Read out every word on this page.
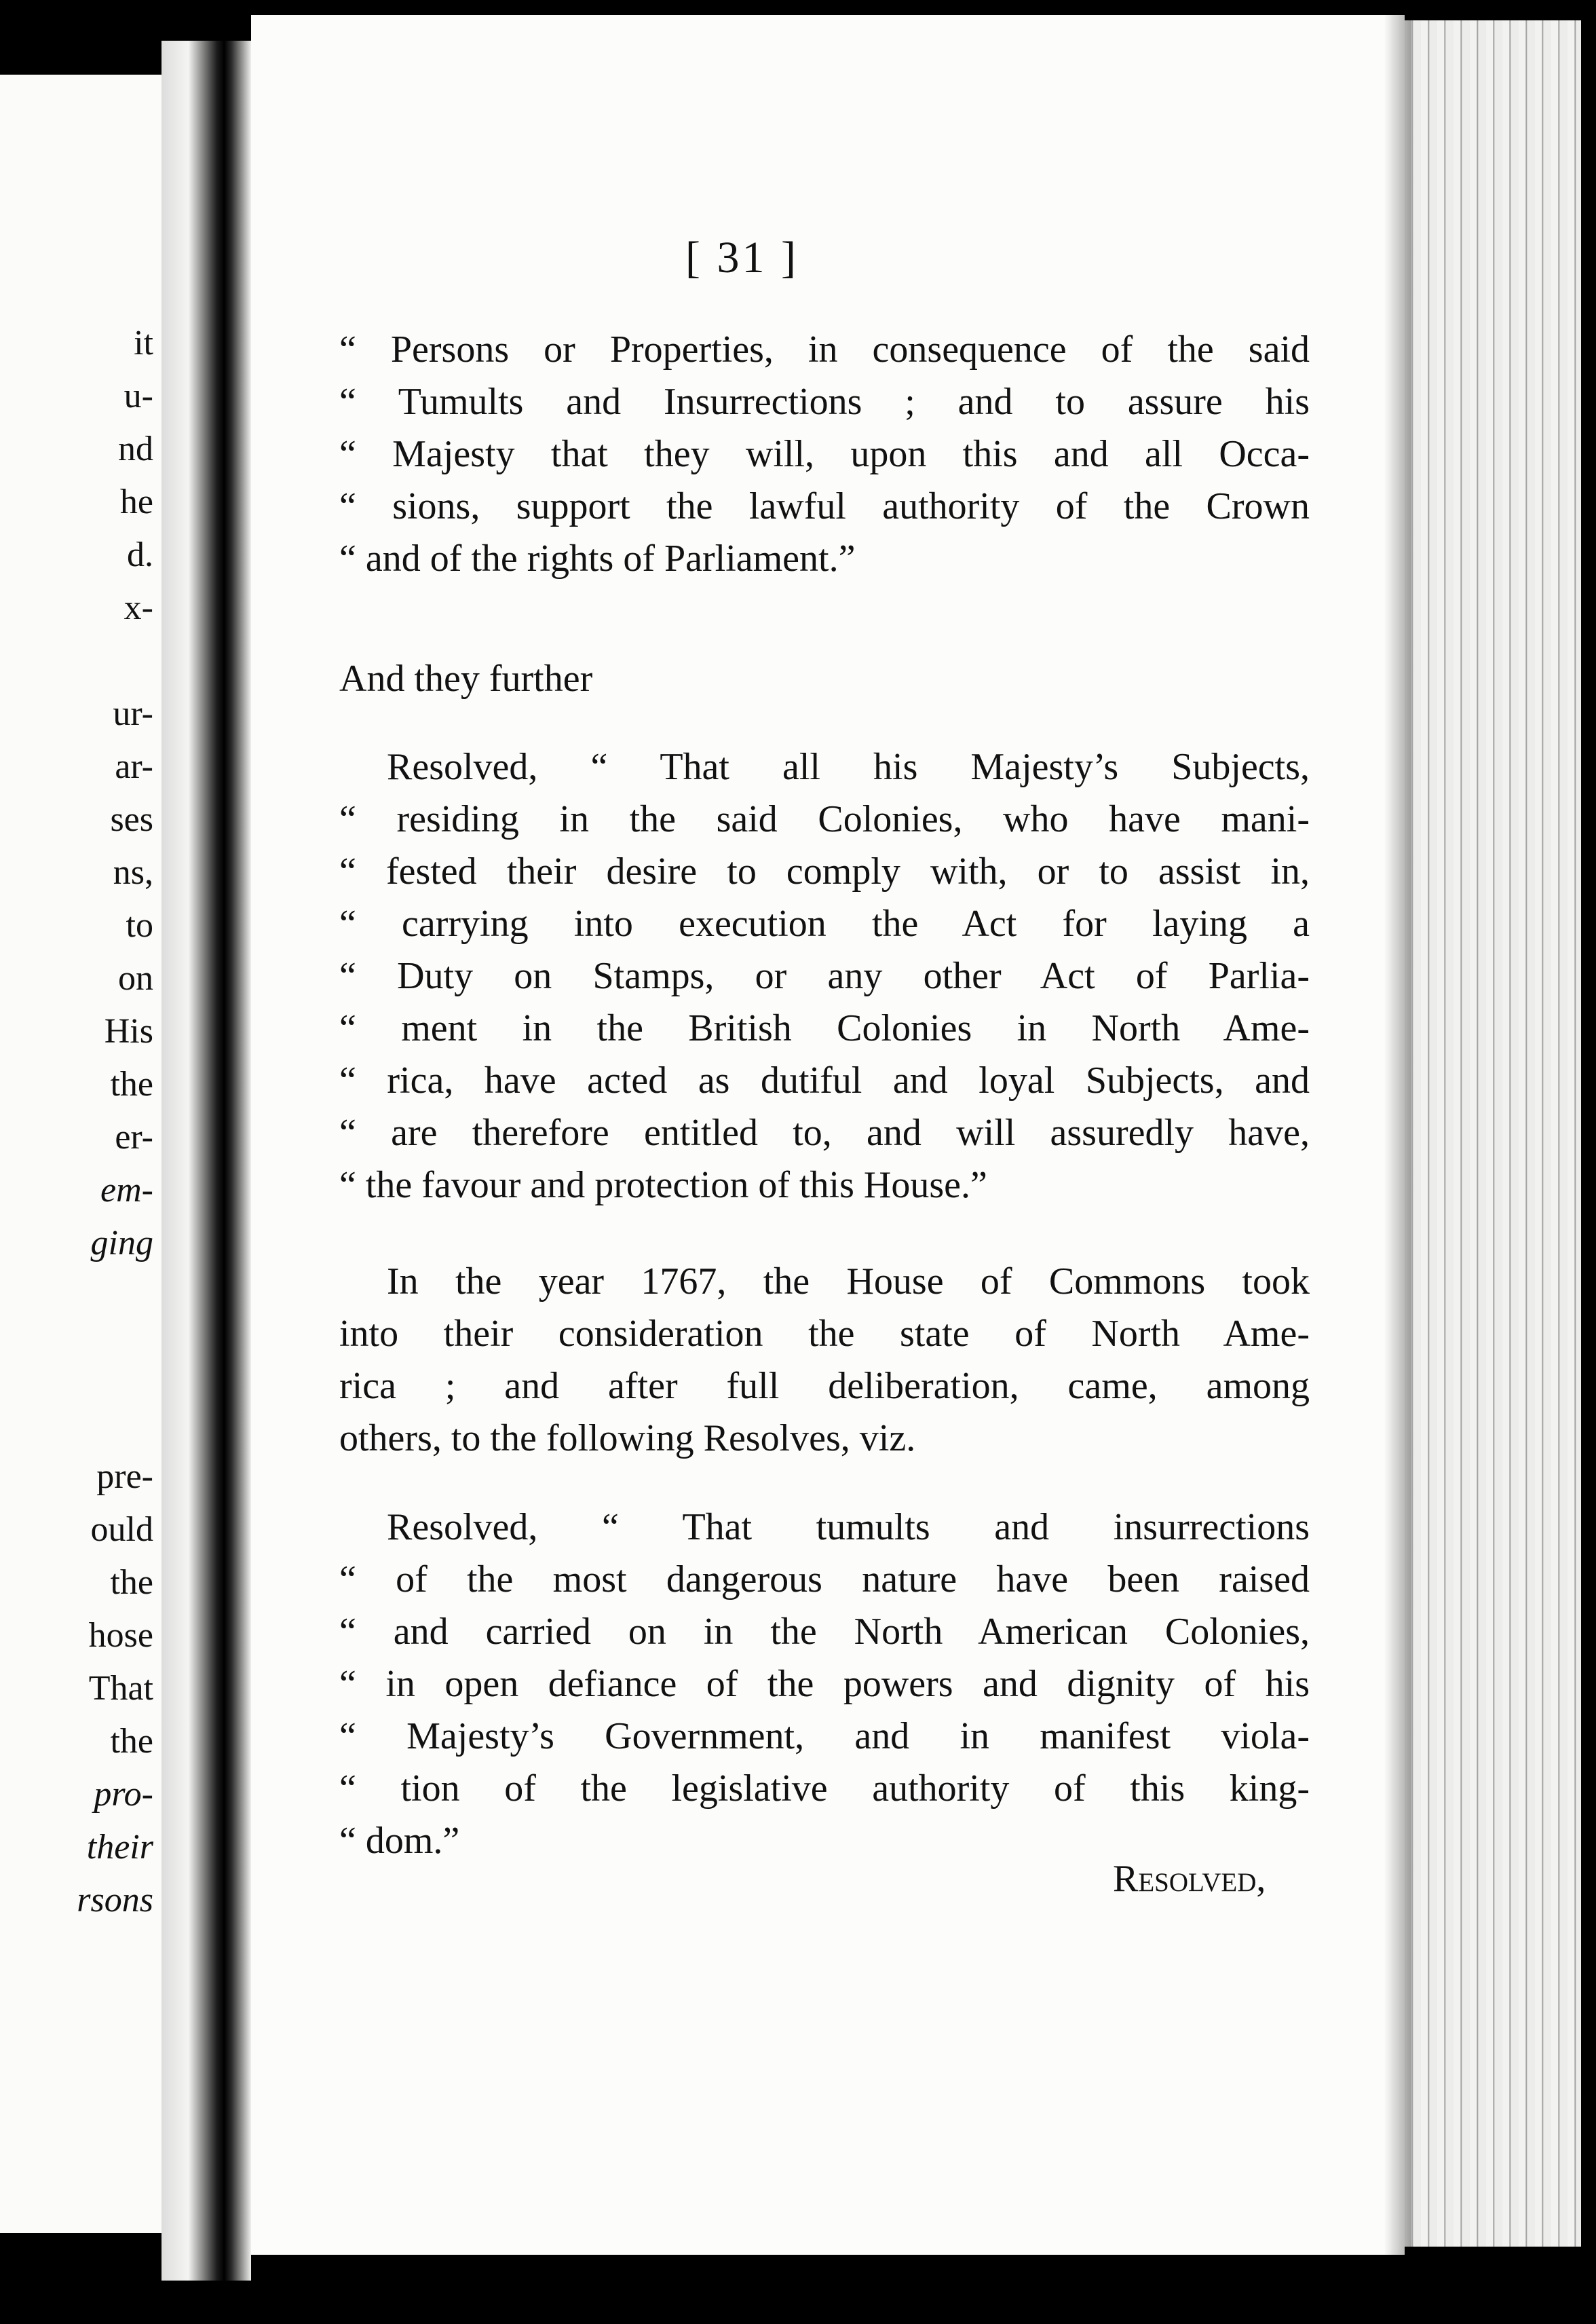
it
u-
nd
he
d.
x-
ur-
ar-
ses
ns,
to
on
His
the
er-
em-
ging
pre-
ould
the
hose
That
the
pro-
their
rsons
[ 31 ]
“ Persons or Properties, in consequence of the said
“ Tumults and Insurrections ; and to assure his
“ Majesty that they will, upon this and all Occa-
“ sions, support the lawful authority of the Crown
“ and of the rights of Parliament.”
And they further
Resolved, “ That all his Majesty’s Subjects,
“ residing in the said Colonies, who have mani-
“ fested their desire to comply with, or to assist in,
“ carrying into execution the Act for laying a
“ Duty on Stamps, or any other Act of Parlia-
“ ment in the British Colonies in North Ame-
“ rica, have acted as dutiful and loyal Subjects, and
“ are therefore entitled to, and will assuredly have,
“ the favour and protection of this House.”
In the year 1767, the House of Commons took
into their consideration the state of North Ame-
rica ; and after full deliberation, came, among
others, to the following Resolves, viz.
Resolved, “ That tumults and insurrections
“ of the most dangerous nature have been raised
“ and carried on in the North American Colonies,
“ in open defiance of the powers and dignity of his
“ Majesty’s Government, and in manifest viola-
“ tion of the legislative authority of this king-
“ dom.”
Resolved,
